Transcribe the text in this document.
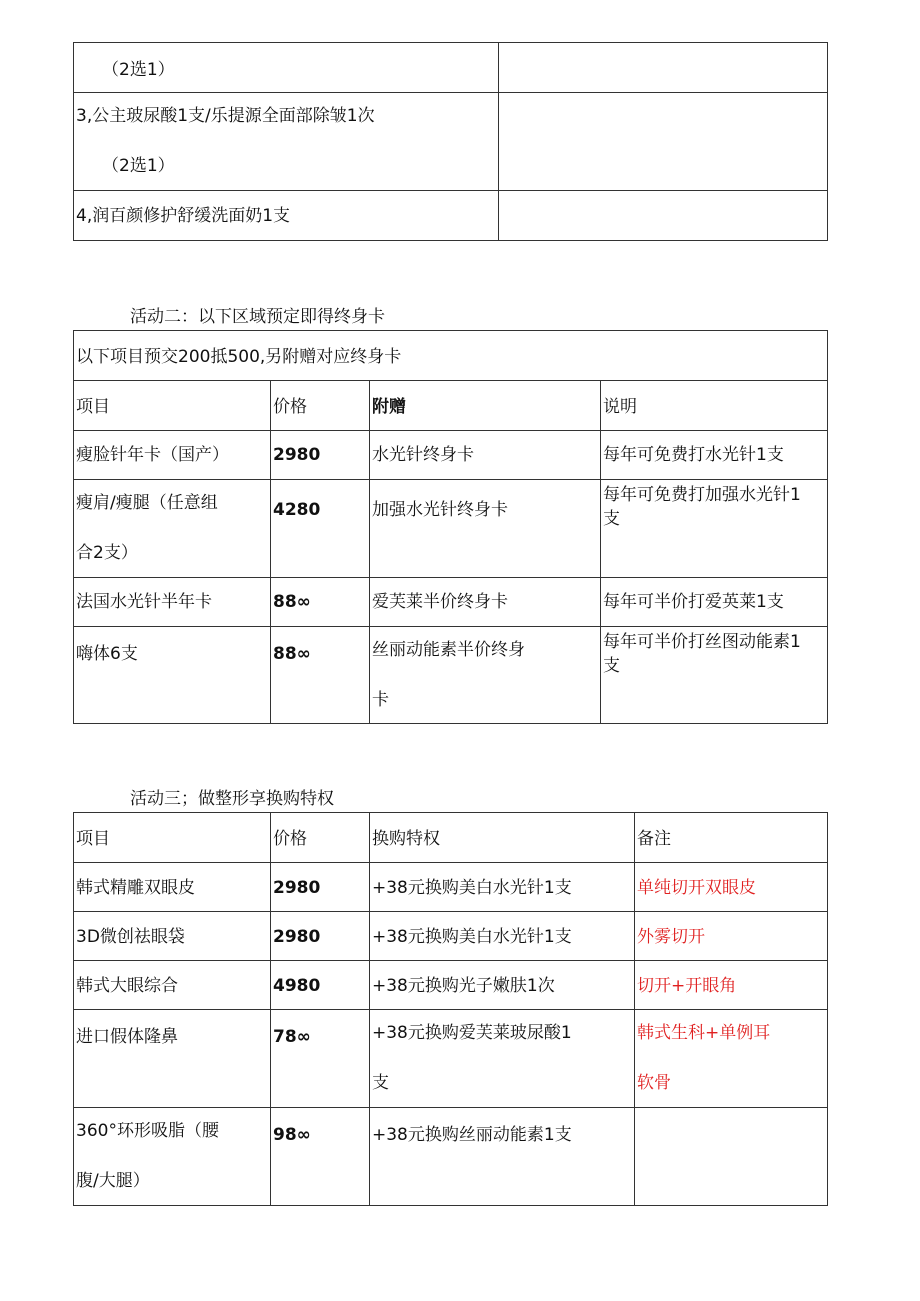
（2选1）	

3,公主玻尿酸1支/乐提源全面部除皱1次
（2选1）	

4,润百颜修护舒缓洗面奶1支	
活动二：以下区域预定即得终身卡
以下项目预交200抵500,另附赠对应终身卡			
项目	价格	附赠	说明
瘦脸针年卡（国产）	2980	水光针终身卡	每年可免费打水光针1支

瘦肩/瘦腿（任意组
合2支）	4280	加强水光针终身卡	每年可免费打加强水光针1
支

法国水光针半年卡	88∞	爱芙莱半价终身卡	每年可半价打爱英莱1支
嗨体6支	88∞	丝丽动能素半价终身
卡	每年可半价打丝图动能素1
支
活动三；做整形享换购特权
项目	价格	换购特权	备注
韩式精雕双眼皮	2980	+38元换购美白水光针1支	单纯切开双眼皮
3D微创祛眼袋	2980	+38元换购美白水光针1支	外雾切开
韩式大眼综合	4980	+38元换购光子嫩肤1次	切开+开眼角
进口假体隆鼻	78∞	+38元换购爱芙莱玻尿酸1
支	韩式生科+单例耳
软骨

360°环形吸脂（腰
腹/大腿）	98∞	+38元换购丝丽动能素1支	
